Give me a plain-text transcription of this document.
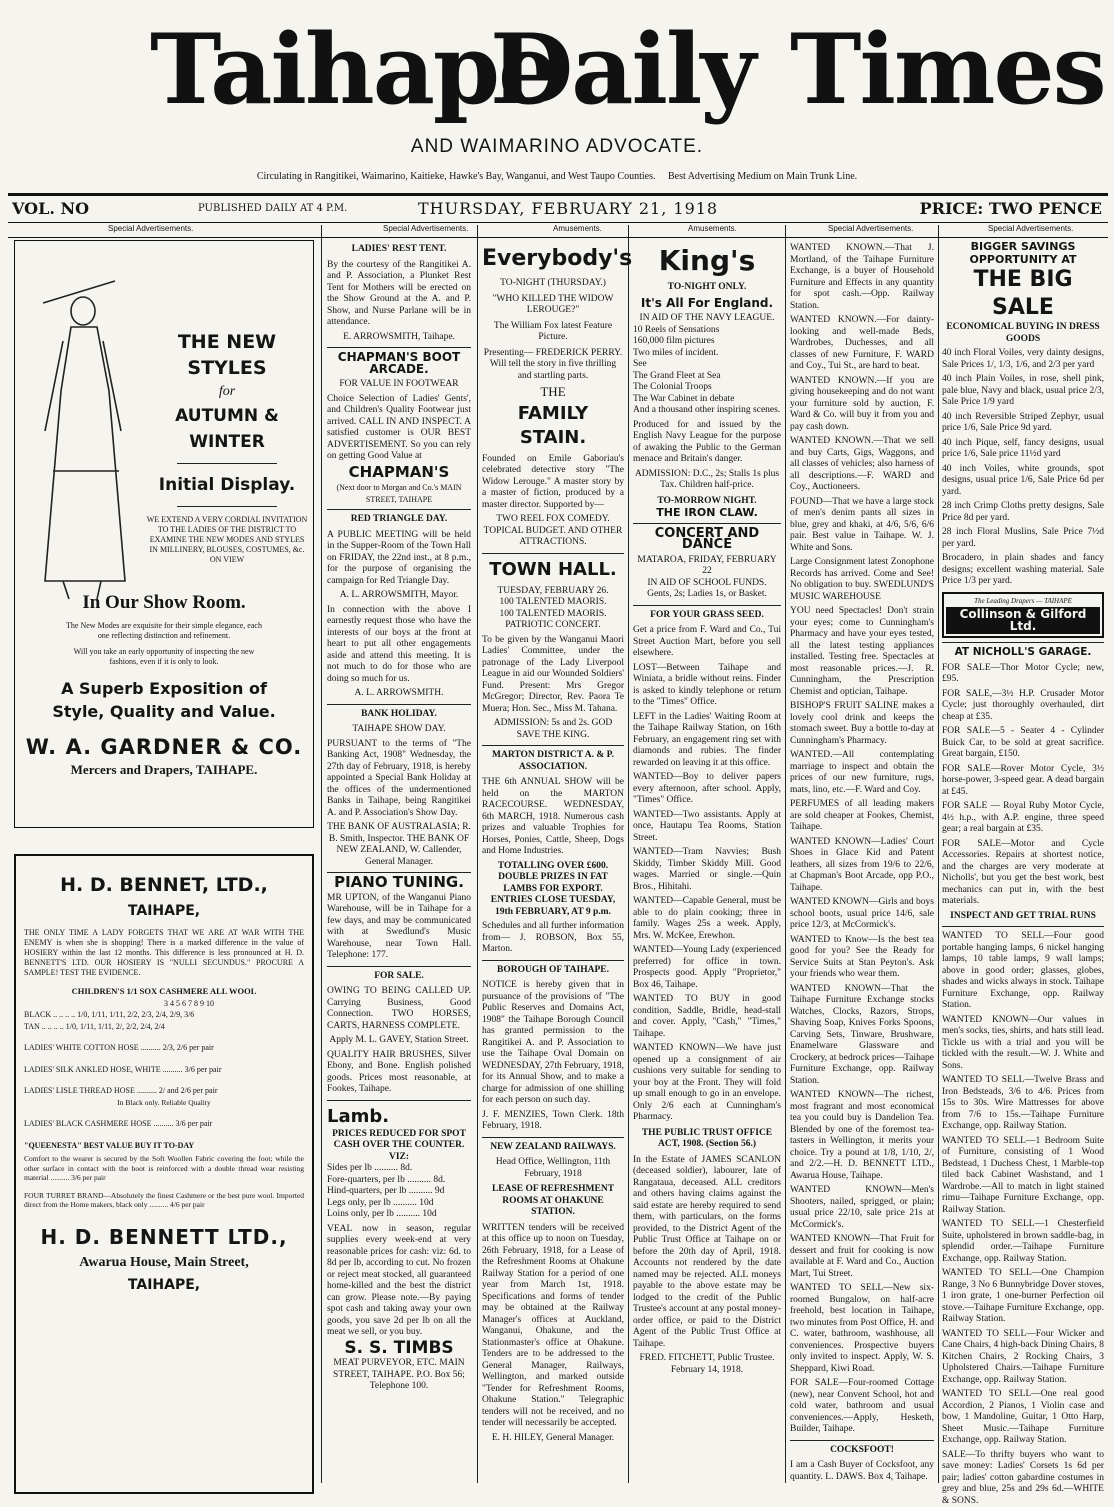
Taihape
Daily Times
AND WAIMARINO ADVOCATE.
Circulating in Rangitikei, Waimarino, Kaitieke, Hawke's Bay, Wanganui, and West Taupo Counties. Best Advertising Medium on Main Trunk Line.
VOL. NO	PUBLISHED DAILY AT 4 P.M.	THURSDAY, FEBRUARY 21, 1918	PRICE: TWO PENCE
Special Advertisements.	Special Advertisements.	Amusements.	Amusements.	Special Advertisements.	Special Advertisements.
THE NEW STYLES
for
AUTUMN & WINTER
Initial Display.
WE EXTEND A VERY CORDIAL INVITATION TO THE LADIES OF THE DISTRICT TO EXAMINE THE NEW MODES AND STYLES IN MILLINERY, BLOUSES, COSTUMES, &c. ON VIEW
In Our Show Room.
The New Modes are exquisite for their simple elegance, each one reflecting distinction and refinement.
Will you take an early opportunity of inspecting the new fashions, even if it is only to look.
A Superb Exposition of Style, Quality and Value.
W. A. GARDNER & CO.
Mercers and Drapers, TAIHAPE.
H. D. BENNET, LTD.,
TAIHAPE,
THE ONLY TIME A LADY FORGETS THAT WE ARE AT WAR WITH THE ENEMY is when she is shopping! There is a marked difference in the value of HOSIERY within the last 12 months. This difference is less pronounced at H. D. BENNETT'S LTD. OUR HOSIERY IS "NULLI SECUNDUS." PROCURE A SAMPLE! TEST THE EVIDENCE.
CHILDREN'S 1/1 SOX CASHMERE ALL WOOL
3 4 5 6 7 8 9 10
BLACK .. .. .. .. 1/0, 1/11, 1/11, 2/2, 2/3, 2/4, 2/9, 3/6
TAN .. .. .. .. 1/0, 1/11, 1/11, 2/, 2/2, 2/4, 2/4
LADIES' WHITE COTTON HOSE .......... 2/3, 2/6 per pair
LADIES' SILK ANKLED HOSE, WHITE .......... 3/6 per pair
LADIES' LISLE THREAD HOSE .......... 2/ and 2/6 per pair
In Black only. Reliable Quality
LADIES' BLACK CASHMERE HOSE .......... 3/6 per pair
"QUEENESTA" BEST VALUE BUY IT TO-DAY
Comfort to the wearer is secured by the Soft Woollen Fabric covering the foot; while the other surface in contact with the boot is reinforced with a double thread wear resisting material .......... 3/6 per pair
FOUR TURRET BRAND—Absolutely the finest Cashmere or the best pure wool. Imported direct from the Home makers, black only .......... 4/6 per pair
H. D. BENNETT LTD.,
Awarua House, Main Street,
TAIHAPE,
LADIES' REST TENT.
By the courtesy of the Rangitikei A. and P. Association, a Plunket Rest Tent for Mothers will be erected on the Show Ground at the A. and P. Show, and Nurse Parlane will be in attendance.
E. ARROWSMITH, Taihape.
CHAPMAN'S BOOT ARCADE.
FOR VALUE IN FOOTWEAR
Choice Selection of Ladies' Gents', and Children's Quality Footwear just arrived. CALL IN AND INSPECT. A satisfied customer is OUR BEST ADVERTISEMENT. So you can rely on getting Good Value at
CHAPMAN'S
(Next door to Morgan and Co.'s MAIN STREET, TAIHAPE
RED TRIANGLE DAY.
A PUBLIC MEETING will be held in the Supper-Room of the Town Hall on FRIDAY, the 22nd inst., at 8 p.m., for the purpose of organising the campaign for Red Triangle Day.
A. L. ARROWSMITH, Mayor.
In connection with the above I earnestly request those who have the interests of our boys at the front at heart to put all other engagements aside and attend this meeting. It is not much to do for those who are doing so much for us.
A. L. ARROWSMITH.
BANK HOLIDAY.
TAIHAPE SHOW DAY.
PURSUANT to the terms of "The Banking Act, 1908" Wednesday, the 27th day of February, 1918, is hereby appointed a Special Bank Holiday at the offices of the undermentioned Banks in Taihape, being Rangitikei A. and P. Association's Show Day.
THE BANK OF AUSTRALASIA; R. B. Smith, Inspector. THE BANK OF NEW ZEALAND, W. Callender, General Manager.
PIANO TUNING.
MR UPTON, of the Wanganui Piano Warehouse, will be in Taihape for a few days, and may be communicated with at Swedlund's Music Warehouse, near Town Hall. Telephone: 177.
FOR SALE.
OWING TO BEING CALLED UP. Carrying Business, Good Connection. TWO HORSES, CARTS, HARNESS COMPLETE.
Apply M. L. GAVEY, Station Street.
QUALITY HAIR BRUSHES, Silver Ebony, and Bone. English polished goods. Prices most reasonable, at Fookes, Taihape.
Lamb.
PRICES REDUCED FOR SPOT CASH OVER THE COUNTER. VIZ:
Sides per lb .......... 8d.
Fore-quarters, per lb .......... 8d.
Hind-quarters, per lb .......... 9d
Legs only, per lb .......... 10d
Loins only, per lb .......... 10d
VEAL now in season, regular supplies every week-end at very reasonable prices for cash: viz: 6d. to 8d per lb, according to cut. No frozen or reject meat stocked, all guaranteed home-killed and the best the district can grow. Please note.—By paying spot cash and taking away your own goods, you save 2d per lb on all the meat we sell, or you buy.
S. S. TIMBS
MEAT PURVEYOR, ETC. MAIN STREET, TAIHAPE. P.O. Box 56; Telephone 100.
Everybody's
TO-NIGHT (THURSDAY.)
"WHO KILLED THE WIDOW LEROUGE?"
The William Fox latest Feature Picture.
Presenting— FREDERICK PERRY. Will tell the story in five thrilling and startling parts.
THE
FAMILY STAIN.
Founded on Emile Gaboriau's celebrated detective story "The Widow Lerouge." A master story by a master of fiction, produced by a master director. Supported by—
TWO REEL FOX COMEDY. TOPICAL BUDGET. AND OTHER ATTRACTIONS.
TOWN HALL.
TUESDAY, FEBRUARY 26.
100 TALENTED MAORIS.
100 TALENTED MAORIS.
PATRIOTIC CONCERT.
To be given by the Wanganui Maori Ladies' Committee, under the patronage of the Lady Liverpool League in aid our Wounded Soldiers' Fund. Present: Mrs Gregor McGregor; Director, Rev. Paora Te Muera; Hon. Sec., Miss M. Tahana.
ADMISSION: 5s and 2s. GOD SAVE THE KING.
MARTON DISTRICT A. & P. ASSOCIATION.
THE 6th ANNUAL SHOW will be held on the MARTON RACECOURSE. WEDNESDAY, 6th MARCH, 1918. Numerous cash prizes and valuable Trophies for Horses, Ponies, Cattle, Sheep, Dogs and Home Industries.
TOTALLING OVER £600. DOUBLE PRIZES IN FAT LAMBS FOR EXPORT. ENTRIES CLOSE TUESDAY, 19th FEBRUARY, AT 9 p.m.
Schedules and all further information from— J. ROBSON, Box 55, Marton.
BOROUGH OF TAIHAPE.
NOTICE is hereby given that in pursuance of the provisions of "The Public Reserves and Domains Act, 1908" the Taihape Borough Council has granted permission to the Rangitikei A. and P. Association to use the Taihape Oval Domain on WEDNESDAY, 27th February, 1918, for its Annual Show, and to make a charge for admission of one shilling for each person on such day.
J. F. MENZIES, Town Clerk. 18th February, 1918.
NEW ZEALAND RAILWAYS.
Head Office, Wellington, 11th February, 1918
LEASE OF REFRESHMENT ROOMS AT OHAKUNE STATION.
WRITTEN tenders will be received at this office up to noon on Tuesday, 26th February, 1918, for a Lease of the Refreshment Rooms at Ohakune Railway Station for a period of one year from March 1st, 1918. Specifications and forms of tender may be obtained at the Railway Manager's offices at Auckland, Wanganui, Ohakune, and the Stationmaster's office at Ohakune. Tenders are to be addressed to the General Manager, Railways, Wellington, and marked outside "Tender for Refreshment Rooms, Ohakune Station." Telegraphic tenders will not be received, and no tender will necessarily be accepted.
E. H. HILEY, General Manager.
King's
TO-NIGHT ONLY.
It's All For England.
IN AID OF THE NAVY LEAGUE.
10 Reels of Sensations
160,000 film pictures
Two miles of incident.
See
The Grand Fleet at Sea
The Colonial Troops
The War Cabinet in debate
And a thousand other inspiring scenes.
Produced for and issued by the English Navy League for the purpose of awaking the Public to the German menace and Britain's danger.
ADMISSION: D.C., 2s; Stalls 1s plus Tax. Children half-price.
TO-MORROW NIGHT.
THE IRON CLAW.
CONCERT AND DANCE
MATAROA, FRIDAY, FEBRUARY 22
IN AID OF SCHOOL FUNDS.
Gents, 2s; Ladies 1s, or Basket.
FOR YOUR GRASS SEED.
Get a price from F. Ward and Co., Tui Street Auction Mart, before you sell elsewhere.
LOST—Between Taihape and Winiata, a bridle without reins. Finder is asked to kindly telephone or return to the "Times" Office.
LEFT in the Ladies' Waiting Room at the Taihape Railway Station, on 16th February, an engagement ring set with diamonds and rubies. The finder rewarded on leaving it at this office.
WANTED—Boy to deliver papers every afternoon, after school. Apply, "Times" Office.
WANTED—Two assistants. Apply at once, Hautapu Tea Rooms, Station Street.
WANTED—Tram Navvies; Bush Skiddy, Timber Skiddy Mill. Good wages. Married or single.—Quin Bros., Hihitahi.
WANTED—Capable General, must be able to do plain cooking; three in family. Wages 25s a week. Apply, Mrs. W. McKee, Erewhon.
WANTED—Young Lady (experienced preferred) for office in town. Prospects good. Apply "Proprietor," Box 46, Taihape.
WANTED TO BUY in good condition, Saddle, Bridle, head-stall and cover. Apply, "Cash," "Times," Taihape.
WANTED KNOWN—We have just opened up a consignment of air cushions very suitable for sending to your boy at the Front. They will fold up small enough to go in an envelope. Only 2/6 each at Cunningham's Pharmacy.
THE PUBLIC TRUST OFFICE ACT, 1908. (Section 56.)
In the Estate of JAMES SCANLON (deceased soldier), labourer, late of Rangataua, deceased. ALL creditors and others having claims against the said estate are hereby required to send them, with particulars, on the forms provided, to the District Agent of the Public Trust Office at Taihape on or before the 20th day of April, 1918. Accounts not rendered by the date named may be rejected. ALL moneys payable to the above estate may be lodged to the credit of the Public Trustee's account at any postal money-order office, or paid to the District Agent of the Public Trust Office at Taihape.
FRED. FITCHETT, Public Trustee. February 14, 1918.
WANTED KNOWN.—That J. Mortland, of the Taihape Furniture Exchange, is a buyer of Household Furniture and Effects in any quantity for spot cash.—Opp. Railway Station.
WANTED KNOWN.—For dainty-looking and well-made Beds, Wardrobes, Duchesses, and all classes of new Furniture, F. WARD and Coy., Tui St., are hard to beat.
WANTED KNOWN.—If you are giving housekeeping and do not want your furniture sold by auction, F. Ward & Co. will buy it from you and pay cash down.
WANTED KNOWN.—That we sell and buy Carts, Gigs, Waggons, and all classes of vehicles; also harness of all descriptions.—F. WARD and Coy., Auctioneers.
FOUND—That we have a large stock of men's denim pants all sizes in blue, grey and khaki, at 4/6, 5/6, 6/6 pair. Best value in Taihape. W. J. White and Sons.
Large Consignment latest Zonophone Records has arrived. Come and See! No obligation to buy. SWEDLUND'S MUSIC WAREHOUSE
YOU need Spectacles! Don't strain your eyes; come to Cunningham's Pharmacy and have your eyes tested, all the latest testing appliances installed. Testing free. Spectacles at most reasonable prices.—J. R. Cunningham, the Prescription Chemist and optician, Taihape.
BISHOP'S FRUIT SALINE makes a lovely cool drink and keeps the stomach sweet. Buy a bottle to-day at Cunningham's Pharmacy.
WANTED.—All contemplating marriage to inspect and obtain the prices of our new furniture, rugs, mats, lino, etc.—F. Ward and Coy.
PERFUMES of all leading makers are sold cheaper at Fookes, Chemist, Taihape.
WANTED KNOWN—Ladies' Court Shoes in Glace Kid and Patent leathers, all sizes from 19/6 to 22/6, at Chapman's Boot Arcade, opp P.O., Taihape.
WANTED KNOWN—Girls and boys school boots, usual price 14/6, sale price 12/3, at McCormick's.
WANTED to Know—Is the best tea good for you? See the Ready for Service Suits at Stan Peyton's. Ask your friends who wear them.
WANTED KNOWN—That the Taihape Furniture Exchange stocks Watches, Clocks, Razors, Strops, Shaving Soap, Knives Forks Spoons, Carving Sets, Tinware, Brushware, Enamelware Glassware and Crockery, at bedrock prices—Taihape Furniture Exchange, opp. Railway Station.
WANTED KNOWN—The richest, most fragrant and most economical tea you could buy is Dandelion Tea. Blended by one of the foremost tea-tasters in Wellington, it merits your choice. Try a pound at 1/8, 1/10, 2/, and 2/2.—H. D. BENNETT LTD., Awarua House, Taihape.
WANTED KNOWN—Men's Shooters, nailed, sprigged, or plain; usual price 22/10, sale price 21s at McCormick's.
WANTED KNOWN—That Fruit for dessert and fruit for cooking is now available at F. Ward and Co., Auction Mart, Tui Street.
WANTED TO SELL—New six-roomed Bungalow, on half-acre freehold, best location in Taihape, two minutes from Post Office, H. and C. water, bathroom, washhouse, all conveniences. Prospective buyers only invited to inspect. Apply, W. S. Sheppard, Kiwi Road.
FOR SALE—Four-roomed Cottage (new), near Convent School, hot and cold water, bathroom and usual conveniences.—Apply, Hesketh, Builder, Taihape.
COCKSFOOT!
I am a Cash Buyer of Cocksfoot, any quantity. L. DAWS. Box 4, Taihape.
BIGGER SAVINGS OPPORTUNITY AT
THE BIG SALE
ECONOMICAL BUYING IN DRESS GOODS
40 inch Floral Voiles, very dainty designs, Sale Prices 1/, 1/3, 1/6, and 2/3 per yard
40 inch Plain Voiles, in rose, shell pink, pale blue, Navy and black, usual price 2/3, Sale Price 1/9 yard
40 inch Reversible Striped Zephyr, usual price 1/6, Sale Price 9d yard.
40 inch Pique, self, fancy designs, usual price 1/6, Sale price 11½d yard
40 inch Voiles, white grounds, spot designs, usual price 1/6, Sale Price 6d per yard.
28 inch Crimp Cloths pretty designs, Sale Price 8d per yard.
28 inch Floral Muslins, Sale Price 7½d per yard.
Brocadero, in plain shades and fancy designs; excellent washing material. Sale Price 1/3 per yard.
The Leading Drapers — TAIHAPE
Collinson & Gilford Ltd.
AT NICHOLL'S GARAGE.
FOR SALE—Thor Motor Cycle; new, £95.
FOR SALE,—3½ H.P. Crusader Motor Cycle; just thoroughly overhauled, dirt cheap at £35.
FOR SALE—5 - Seater 4 - Cylinder Buick Car, to be sold at great sacrifice. Great bargain, £150.
FOR SALE—Rover Motor Cycle, 3½ horse-power, 3-speed gear. A dead bargain at £45.
FOR SALE — Royal Ruby Motor Cycle, 4½ h.p., with A.P. engine, three speed gear; a real bargain at £35.
FOR SALE—Motor and Cycle Accessories. Repairs at shortest notice, and the charges are very moderate at Nicholls', but you get the best work, best mechanics can put in, with the best materials.
INSPECT AND GET TRIAL RUNS
WANTED TO SELL—Four good portable hanging lamps, 6 nickel hanging lamps, 10 table lamps, 9 wall lamps; above in good order; glasses, globes, shades and wicks always in stock. Taihape Furniture Exchange, opp. Railway Station.
WANTED KNOWN—Our values in men's socks, ties, shirts, and hats still lead. Tickle us with a trial and you will be tickled with the result.—W. J. White and Sons.
WANTED TO SELL—Twelve Brass and Iron Bedsteads, 3/6 to 4/6. Prices from 15s to 30s. Wire Mattresses for above from 7/6 to 15s.—Taihape Furniture Exchange, opp. Railway Station.
WANTED TO SELL—1 Bedroom Suite of Furniture, consisting of 1 Wood Bedstead, 1 Duchess Chest, 1 Marble-top tiled back Cabinet Washstand, and 1 Wardrobe.—All to match in light stained rimu—Taihape Furniture Exchange, opp. Railway Station.
WANTED TO SELL—1 Chesterfield Suite, upholstered in brown saddle-bag, in splendid order.—Taihape Furniture Exchange, opp. Railway Station.
WANTED TO SELL—One Champion Range, 3 No 6 Bunnybridge Dover stoves, 1 iron grate, 1 one-burner Perfection oil stove.—Taihape Furniture Exchange, opp. Railway Station.
WANTED TO SELL—Four Wicker and Cane Chairs, 4 high-back Dining Chairs, 8 Kitchen Chairs, 2 Rocking Chairs, 3 Upholstered Chairs.—Taihape Furniture Exchange, opp. Railway Station.
WANTED TO SELL—One real good Accordion, 2 Pianos, 1 Violin case and bow, 1 Mandoline, Guitar, 1 Otto Harp, Sheet Music.—Taihape Furniture Exchange, opp. Railway Station.
SALE—To thrifty buyers who want to save money: Ladies' Corsets 1s 6d per pair; ladies' cotton gabardine costumes in grey and blue, 25s and 29s 6d.—WHITE & SONS.
